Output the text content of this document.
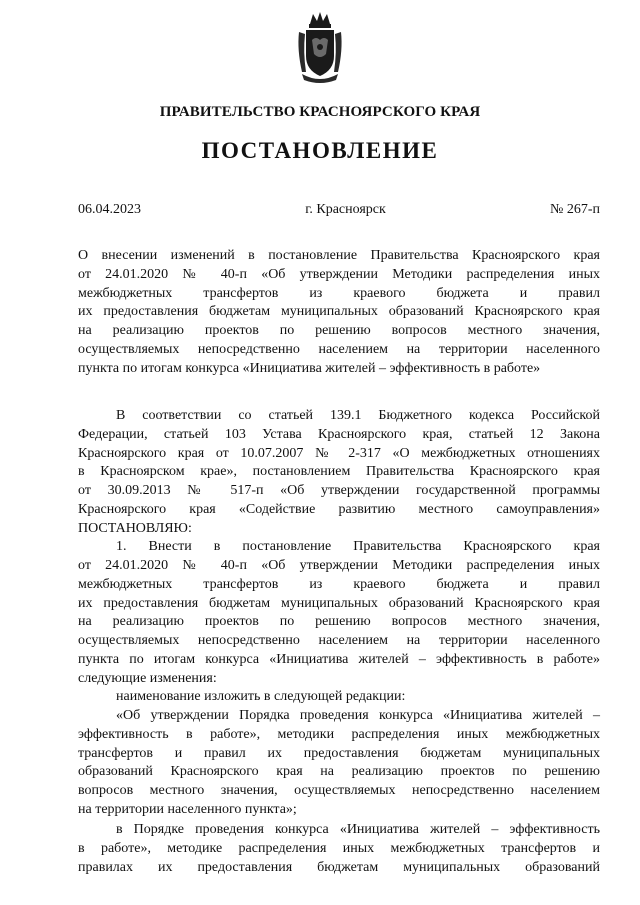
ПРАВИТЕЛЬСТВО КРАСНОЯРСКОГО КРАЯ
ПОСТАНОВЛЕНИЕ
06.04.2023	г. Красноярск	№ 267-п
О внесении изменений в постановление Правительства Красноярского края
от 24.01.2020 № 40-п «Об утверждении Методики распределения иных
межбюджетных трансфертов из краевого бюджета и правил
их предоставления бюджетам муниципальных образований Красноярского края
на реализацию проектов по решению вопросов местного значения,
осуществляемых непосредственно населением на территории населенного
пункта по итогам конкурса «Инициатива жителей – эффективность в работе»
В соответствии со статьей 139.1 Бюджетного кодекса Российской
Федерации, статьей 103 Устава Красноярского края, статьей 12 Закона
Красноярского края от 10.07.2007 № 2-317 «О межбюджетных отношениях
в Красноярском крае», постановлением Правительства Красноярского края
от 30.09.2013 № 517-п «Об утверждении государственной программы
Красноярского края «Содействие развитию местного самоуправления»
ПОСТАНОВЛЯЮ:
1. Внести в постановление Правительства Красноярского края
от 24.01.2020 № 40-п «Об утверждении Методики распределения иных
межбюджетных трансфертов из краевого бюджета и правил
их предоставления бюджетам муниципальных образований Красноярского края
на реализацию проектов по решению вопросов местного значения,
осуществляемых непосредственно населением на территории населенного
пункта по итогам конкурса «Инициатива жителей – эффективность в работе»
следующие изменения:
наименование изложить в следующей редакции:
«Об утверждении Порядка проведения конкурса «Инициатива жителей –
эффективность в работе», методики распределения иных межбюджетных
трансфертов и правил их предоставления бюджетам муниципальных
образований Красноярского края на реализацию проектов по решению
вопросов местного значения, осуществляемых непосредственно населением
на территории населенного пункта»;
в Порядке проведения конкурса «Инициатива жителей – эффективность
в работе», методике распределения иных межбюджетных трансфертов и
правилах их предоставления бюджетам муниципальных образований
